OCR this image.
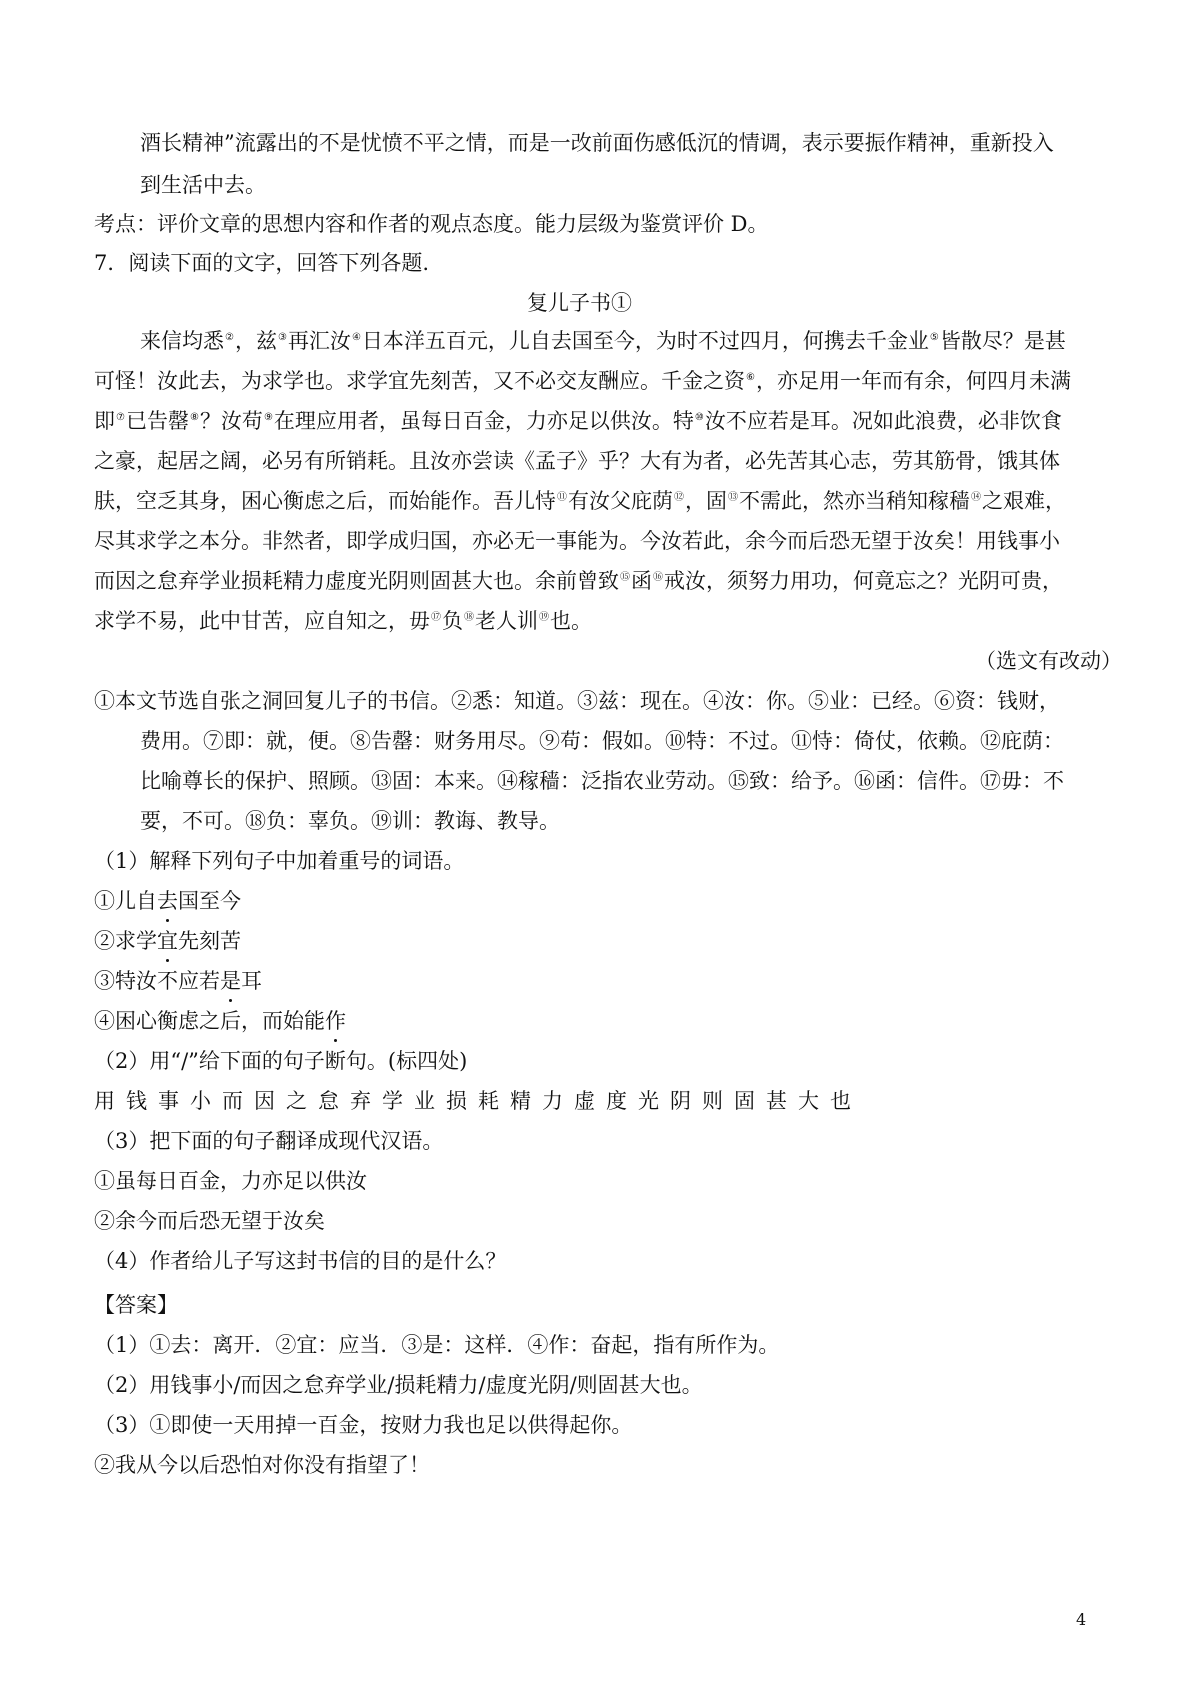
酒长精神”流露出的不是忧愤不平之情，而是一改前面伤感低沉的情调，表示要振作精神，重新投入
到生活中去。
考点：评价文章的思想内容和作者的观点态度。能力层级为鉴赏评价 D。
7．阅读下面的文字，回答下列各题.
复儿子书①
来信均悉②，兹③再汇汝④日本洋五百元，儿自去国至今，为时不过四月，何携去千金业⑤皆散尽？是甚
可怪！汝此去，为求学也。求学宜先刻苦，又不必交友酬应。千金之资⑥，亦足用一年而有余，何四月未满
即⑦已告罄⑧？汝苟⑨在理应用者，虽每日百金，力亦足以供汝。特⑩汝不应若是耳。况如此浪费，必非饮食
之豪，起居之阔，必另有所销耗。且汝亦尝读《孟子》乎？大有为者，必先苦其心志，劳其筋骨，饿其体
肤，空乏其身，困心衡虑之后，而始能作。吾儿恃⑪有汝父庇荫⑫，固⑬不需此，然亦当稍知稼穑⑭之艰难，
尽其求学之本分。非然者，即学成归国，亦必无一事能为。今汝若此，余今而后恐无望于汝矣！用钱事小
而因之怠弃学业损耗精力虚度光阴则固甚大也。余前曾致⑮函⑯戒汝，须努力用功，何竟忘之？光阴可贵，
求学不易，此中甘苦，应自知之，毋⑰负⑱老人训⑲也。
（选文有改动）
①本文节选自张之洞回复儿子的书信。②悉：知道。③兹：现在。④汝：你。⑤业：已经。⑥资：钱财，
费用。⑦即：就，便。⑧告罄：财务用尽。⑨苟：假如。⑩特：不过。⑪恃：倚仗，依赖。⑫庇荫：
比喻尊长的保护、照顾。⑬固：本来。⑭稼穑：泛指农业劳动。⑮致：给予。⑯函：信件。⑰毋：不
要，不可。⑱负：辜负。⑲训：教诲、教导。
（1）解释下列句子中加着重号的词语。
①儿自去国至今
②求学宜先刻苦
③特汝不应若是耳
④困心衡虑之后，而始能作
（2）用“/”给下面的句子断句。(标四处)
用钱事小而因之怠弃学业损耗精力虚度光阴则固甚大也
（3）把下面的句子翻译成现代汉语。
①虽每日百金，力亦足以供汝
②余今而后恐无望于汝矣
（4）作者给儿子写这封书信的目的是什么？
【答案】
（1）①去：离开．②宜：应当．③是：这样．④作：奋起，指有所作为。
（2）用钱事小/而因之怠弃学业/损耗精力/虚度光阴/则固甚大也。
（3）①即使一天用掉一百金，按财力我也足以供得起你。
②我从今以后恐怕对你没有指望了！
4
